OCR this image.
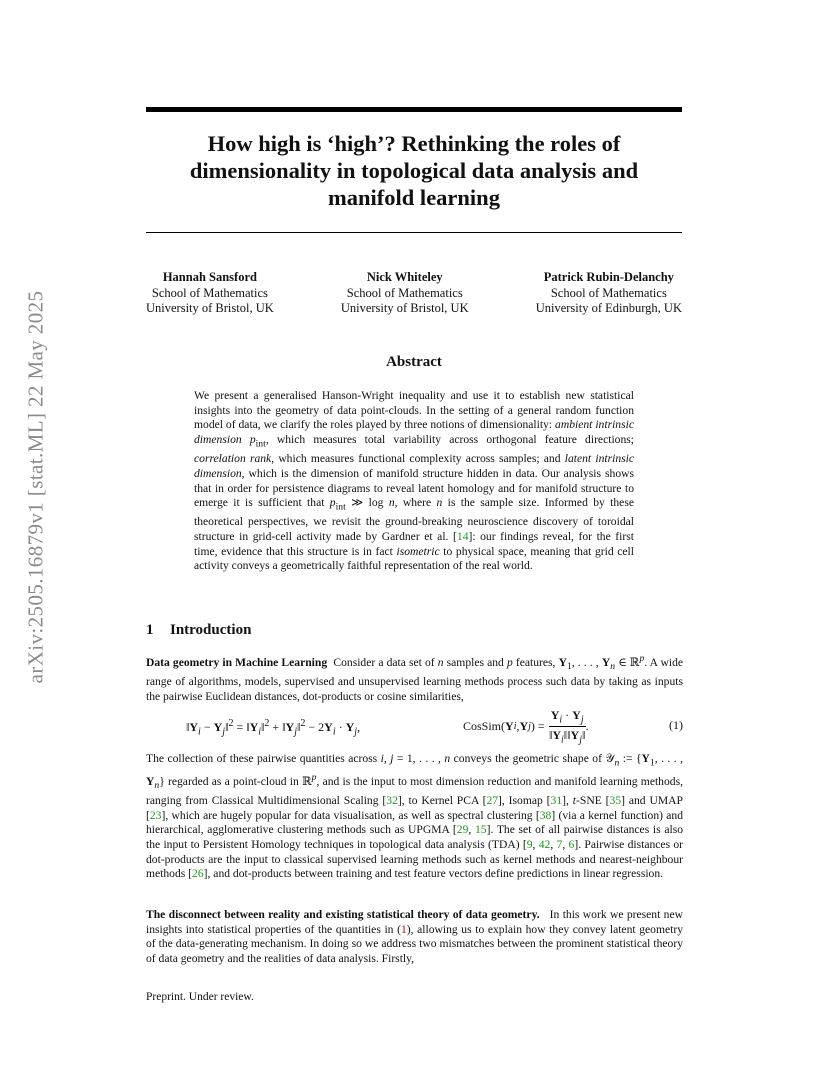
arXiv:2505.16879v1 [stat.ML] 22 May 2025
How high is ‘high’? Rethinking the roles of dimensionality in topological data analysis and manifold learning
Hannah Sansford
School of Mathematics
University of Bristol, UK
Nick Whiteley
School of Mathematics
University of Bristol, UK
Patrick Rubin-Delanchy
School of Mathematics
University of Edinburgh, UK
Abstract
We present a generalised Hanson-Wright inequality and use it to establish new statistical insights into the geometry of data point-clouds. In the setting of a general random function model of data, we clarify the roles played by three notions of dimensionality: ambient intrinsic dimension $p_{int}$, which measures total variability across orthogonal feature directions; correlation rank, which measures functional complexity across samples; and latent intrinsic dimension, which is the dimension of manifold structure hidden in data. Our analysis shows that in order for persistence diagrams to reveal latent homology and for manifold structure to emerge it is sufficient that $p_{int}$ ≫ log n, where n is the sample size. Informed by these theoretical perspectives, we revisit the ground-breaking neuroscience discovery of toroidal structure in grid-cell activity made by Gardner et al. [14]: our findings reveal, for the first time, evidence that this structure is in fact isometric to physical space, meaning that grid cell activity conveys a geometrically faithful representation of the real world.
1 Introduction
Data geometry in Machine Learning  Consider a data set of n samples and p features, $Y_1$, . . . , $Y_n$ ∈ ℝ$^p$. A wide range of algorithms, models, supervised and unsupervised learning methods process such data by taking as inputs the pairwise Euclidean distances, dot-products or cosine similarities,
$‖Y_i$ − $Y_j‖^2$ = $‖Y_i‖^2$ + $‖Y_j‖^2 - 2Y_i \cdot Y_j$,	CosSim( Y i , Y j ) = $\frac{Y_i \cdot Y_j}{‖Y_i‖‖Y_j‖}$ .	(1)
The collection of these pairwise quantities across i, j = 1, . . . , n conveys the geometric shape of 𝒴$_n$ := {$Y_1$, . . . , $Y_n$} regarded as a point-cloud in ℝ$^p$, and is the input to most dimension reduction and manifold learning methods, ranging from Classical Multidimensional Scaling [32], to Kernel PCA [27], Isomap [31], t-SNE [35] and UMAP [23], which are hugely popular for data visualisation, as well as spectral clustering [38] (via a kernel function) and hierarchical, agglomerative clustering methods such as UPGMA [29, 15]. The set of all pairwise distances is also the input to Persistent Homology techniques in topological data analysis (TDA) [9, 42, 7, 6]. Pairwise distances or dot-products are the input to classical supervised learning methods such as kernel methods and nearest-neighbour methods [26], and dot-products between training and test feature vectors define predictions in linear regression.
The disconnect between reality and existing statistical theory of data geometry.   In this work we present new insights into statistical properties of the quantities in (1), allowing us to explain how they convey latent geometry of the data-generating mechanism. In doing so we address two mismatches between the prominent statistical theory of data geometry and the realities of data analysis. Firstly,
Preprint. Under review.
